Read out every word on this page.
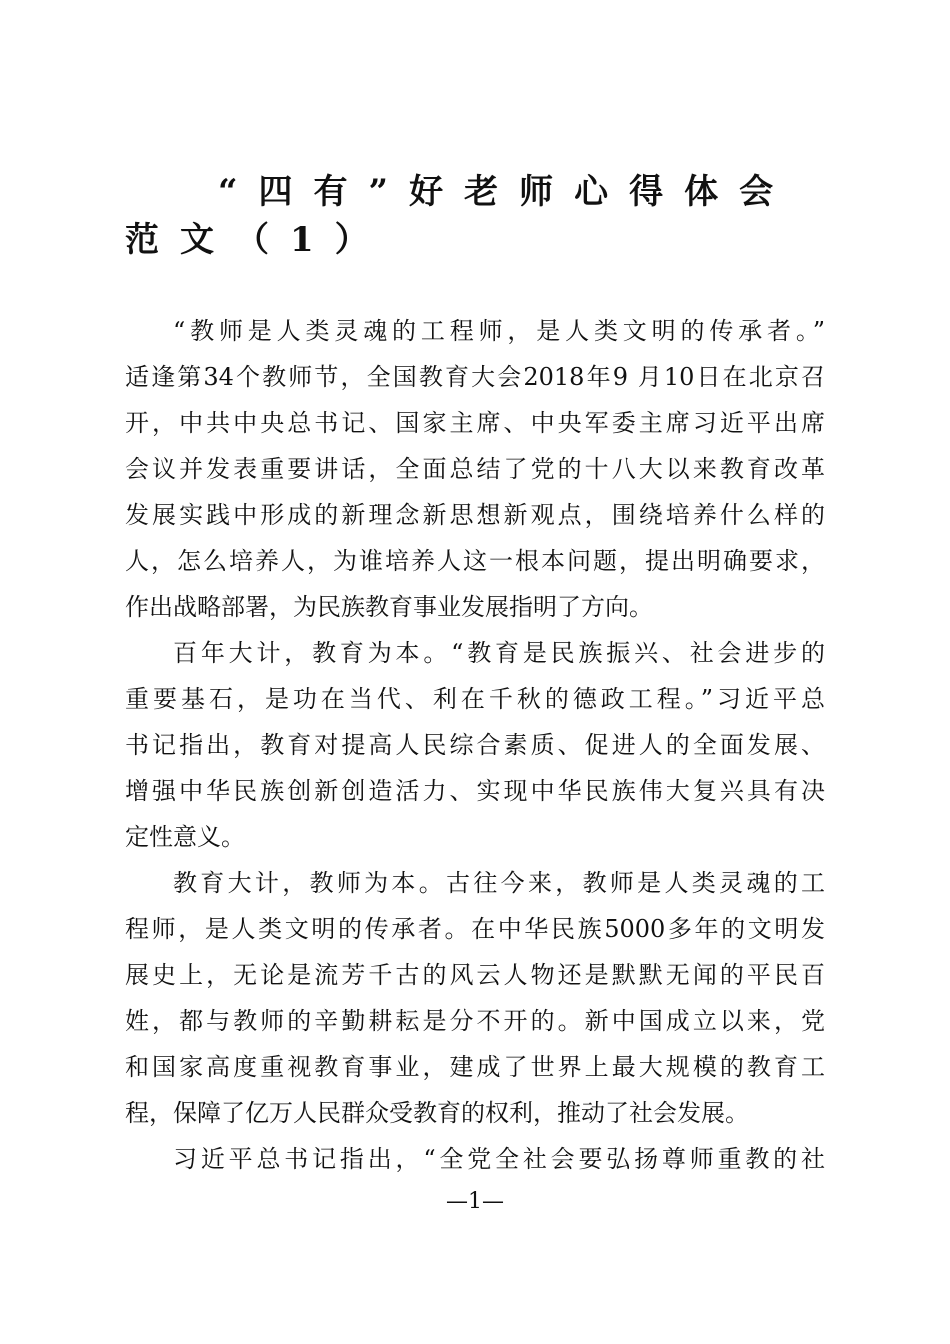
“四有”好老师心得体会
范文（1）
“教师是人类灵魂的工程师，是人类文明的传承者。”
适逢第34个教师节，全国教育大会2018年9 月10日在北京召
开，中共中央总书记、国家主席、中央军委主席习近平出席
会议并发表重要讲话，全面总结了党的十八大以来教育改革
发展实践中形成的新理念新思想新观点，围绕培养什么样的
人，怎么培养人，为谁培养人这一根本问题，提出明确要求，
作出战略部署，为民族教育事业发展指明了方向。
百年大计，教育为本。“教育是民族振兴、社会进步的
重要基石，是功在当代、利在千秋的德政工程。”习近平总
书记指出，教育对提高人民综合素质、促进人的全面发展、
增强中华民族创新创造活力、实现中华民族伟大复兴具有决
定性意义。
教育大计，教师为本。古往今来，教师是人类灵魂的工
程师，是人类文明的传承者。在中华民族5000多年的文明发
展史上，无论是流芳千古的风云人物还是默默无闻的平民百
姓，都与教师的辛勤耕耘是分不开的。新中国成立以来，党
和国家高度重视教育事业，建成了世界上最大规模的教育工
程，保障了亿万人民群众受教育的权利，推动了社会发展。
习近平总书记指出，“全党全社会要弘扬尊师重教的社
—1—
